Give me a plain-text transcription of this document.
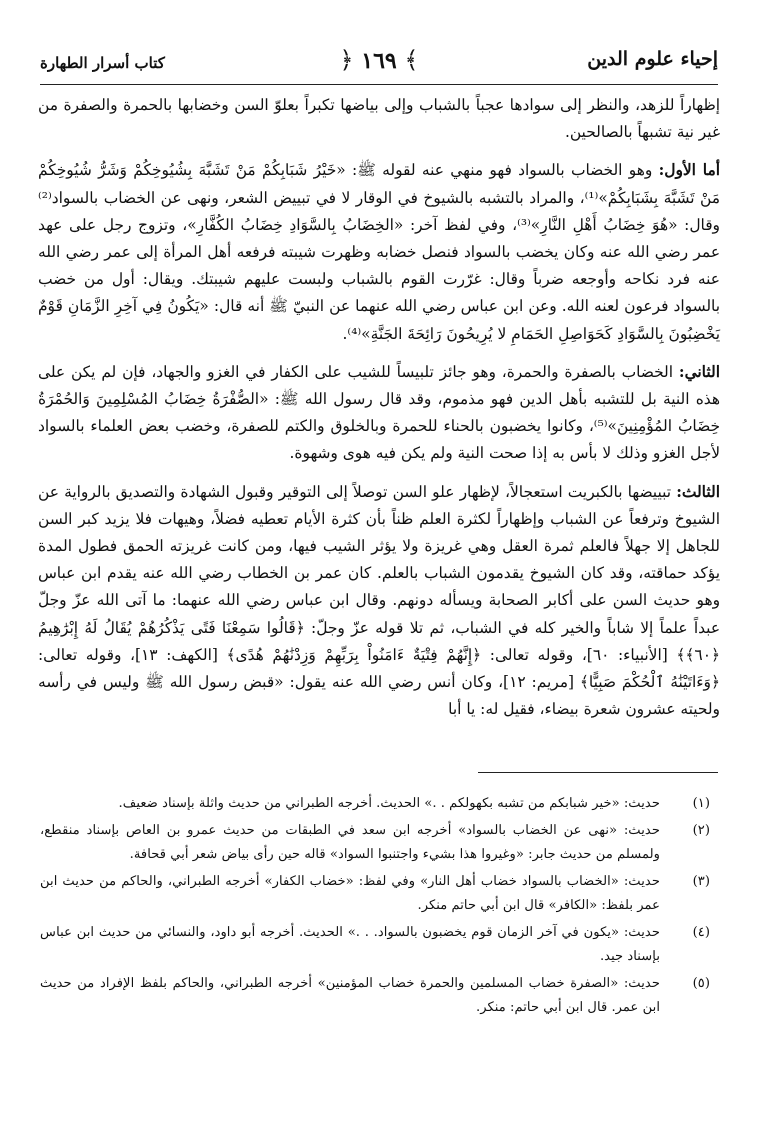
إحياء علوم الدين
﴾ ١٦٩ ﴿
كتاب أسرار الطهارة

إظهاراً للزهد، والنظر إلى سوادها عجباً بالشباب وإلى بياضها تكبراً بعلوّ السن وخضابها بالحمرة والصفرة من غير نية تشبهاً بالصالحين.

أما الأول: وهو الخضاب بالسواد فهو منهي عنه لقوله ﷺ: «خَيْرُ شَبَابِكُمْ مَنْ تَشَبَّهَ بِشُيُوخِكُمْ وَشَرُّ شُيُوخِكُمْ مَنْ تَشَبَّهَ بِشَبَابِكُمْ»⁽¹⁾، والمراد بالتشبه بالشيوخ في الوقار لا في تبييض الشعر، ونهى عن الخضاب بالسواد⁽²⁾ وقال: «هُوَ خِضَابُ أَهْلِ النَّارِ»⁽³⁾، وفي لفظ آخر: «الخِضَابُ بِالسَّوَادِ خِضَابُ الكُفَّارِ»، وتزوج رجل على عهد عمر رضي الله عنه وكان يخضب بالسواد فنصل خضابه وظهرت شيبته فرفعه أهل المرأة إلى عمر رضي الله عنه فرد نكاحه وأوجعه ضرباً وقال: غرّرت القوم بالشباب ولبست عليهم شيبتك. ويقال: أول من خضب بالسواد فرعون لعنه الله. وعن ابن عباس رضي الله عنهما عن النبيّ ﷺ أنه قال: «يَكُونُ فِي آخِرِ الزَّمَانِ قَوْمٌ يَخْضِبُونَ بِالسَّوَادِ كَحَوَاصِلِ الحَمَامِ لا يُرِيحُونَ رَائِحَةَ الجَنَّةِ»⁽⁴⁾.

الثاني: الخضاب بالصفرة والحمرة، وهو جائز تلبيساً للشيب على الكفار في الغزو والجهاد، فإن لم يكن على هذه النية بل للتشبه بأهل الدين فهو مذموم، وقد قال رسول الله ﷺ: «الصُّفْرَةُ خِضَابُ المُسْلِمِينَ وَالحُمْرَةُ خِضَابُ المُؤْمِنِينَ»⁽⁵⁾، وكانوا يخضبون بالحناء للحمرة وبالخلوق والكتم للصفرة، وخضب بعض العلماء بالسواد لأجل الغزو وذلك لا بأس به إذا صحت النية ولم يكن فيه هوى وشهوة.

الثالث: تبييضها بالكبريت استعجالاً، لإظهار علو السن توصلاً إلى التوقير وقبول الشهادة والتصديق بالرواية عن الشيوخ وترفعاً عن الشباب وإظهاراً لكثرة العلم ظناً بأن كثرة الأيام تعطيه فضلاً، وهيهات فلا يزيد كبر السن للجاهل إلا جهلاً فالعلم ثمرة العقل وهي غريزة ولا يؤثر الشيب فيها، ومن كانت غريزته الحمق فطول المدة يؤكد حماقته، وقد كان الشيوخ يقدمون الشباب بالعلم. كان عمر بن الخطاب رضي الله عنه يقدم ابن عباس وهو حديث السن على أكابر الصحابة ويسأله دونهم. وقال ابن عباس رضي الله عنهما: ما آتى الله عزّ وجلّ عبداً علماً إلا شاباً والخير كله في الشباب، ثم تلا قوله عزّ وجلّ: ﴿قَالُوا سَمِعْنَا فَتًى يَذْكُرُهُمْ يُقَالُ لَهُ إِبْرَٰهِيمُ ﴿٦٠﴾﴾ [الأنبياء: ٦٠]، وقوله تعالى: ﴿إِنَّهُمْ فِتْيَةٌ ءَامَنُواْ بِرَبِّهِمْ وَزِدْنَٰهُمْ هُدًى﴾ [الكهف: ١٣]، وقوله تعالى: ﴿وَءَاتَيْنَٰهُ ٱلْحُكْمَ صَبِيًّا﴾ [مريم: ١٢]، وكان أنس رضي الله عنه يقول: «قبض رسول الله ﷺ وليس في رأسه ولحيته عشرون شعرة بيضاء، فقيل له: يا أبا

(١)
حديث: «خير شبابكم من تشبه بكهولكم . .» الحديث. أخرجه الطبراني من حديث واثلة بإسناد ضعيف.
(٢)
حديث: «نهى عن الخضاب بالسواد» أخرجه ابن سعد في الطبقات من حديث عمرو بن العاص بإسناد منقطع، ولمسلم من حديث جابر: «وغيروا هذا بشيء واجتنبوا السواد» قاله حين رأى بياض شعر أبي قحافة.
(٣)
حديث: «الخضاب بالسواد خضاب أهل النار» وفي لفظ: «خضاب الكفار» أخرجه الطبراني، والحاكم من حديث ابن عمر بلفظ: «الكافر» قال ابن أبي حاتم منكر.
(٤)
حديث: «يكون في آخر الزمان قوم يخضبون بالسواد. . .» الحديث. أخرجه أبو داود، والنسائي من حديث ابن عباس بإسناد جيد.
(٥)
حديث: «الصفرة خضاب المسلمين والحمرة خضاب المؤمنين» أخرجه الطبراني، والحاكم بلفظ الإفراد من حديث ابن عمر. قال ابن أبي حاتم: منكر.
